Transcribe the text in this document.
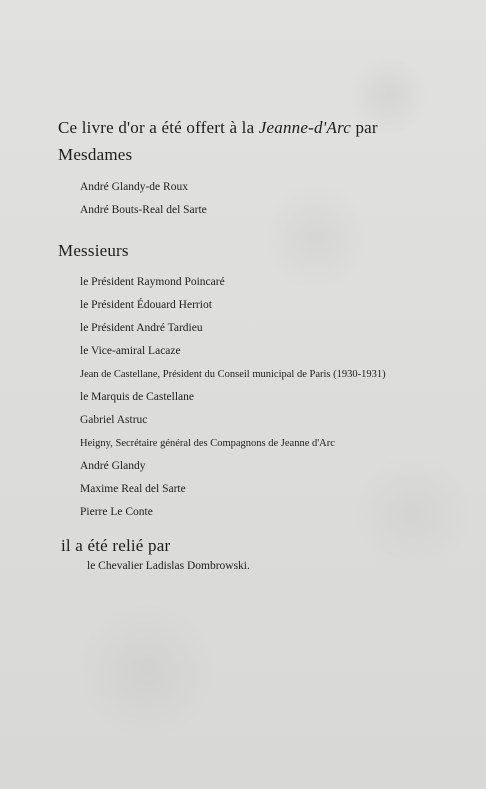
Ce livre d'or a été offert à la Jeanne-d'Arc par
Mesdames
André Glandy-de Roux
André Bouts-Real del Sarte
Messieurs
le Président Raymond Poincaré
le Président Édouard Herriot
le Président André Tardieu
le Vice-amiral Lacaze
Jean de Castellane, Président du Conseil municipal de Paris (1930-1931)
le Marquis de Castellane
Gabriel Astruc
Heigny, Secrétaire général des Compagnons de Jeanne d'Arc
André Glandy
Maxime Real del Sarte
Pierre Le Conte
il a été relié par
le Chevalier Ladislas Dombrowski.
